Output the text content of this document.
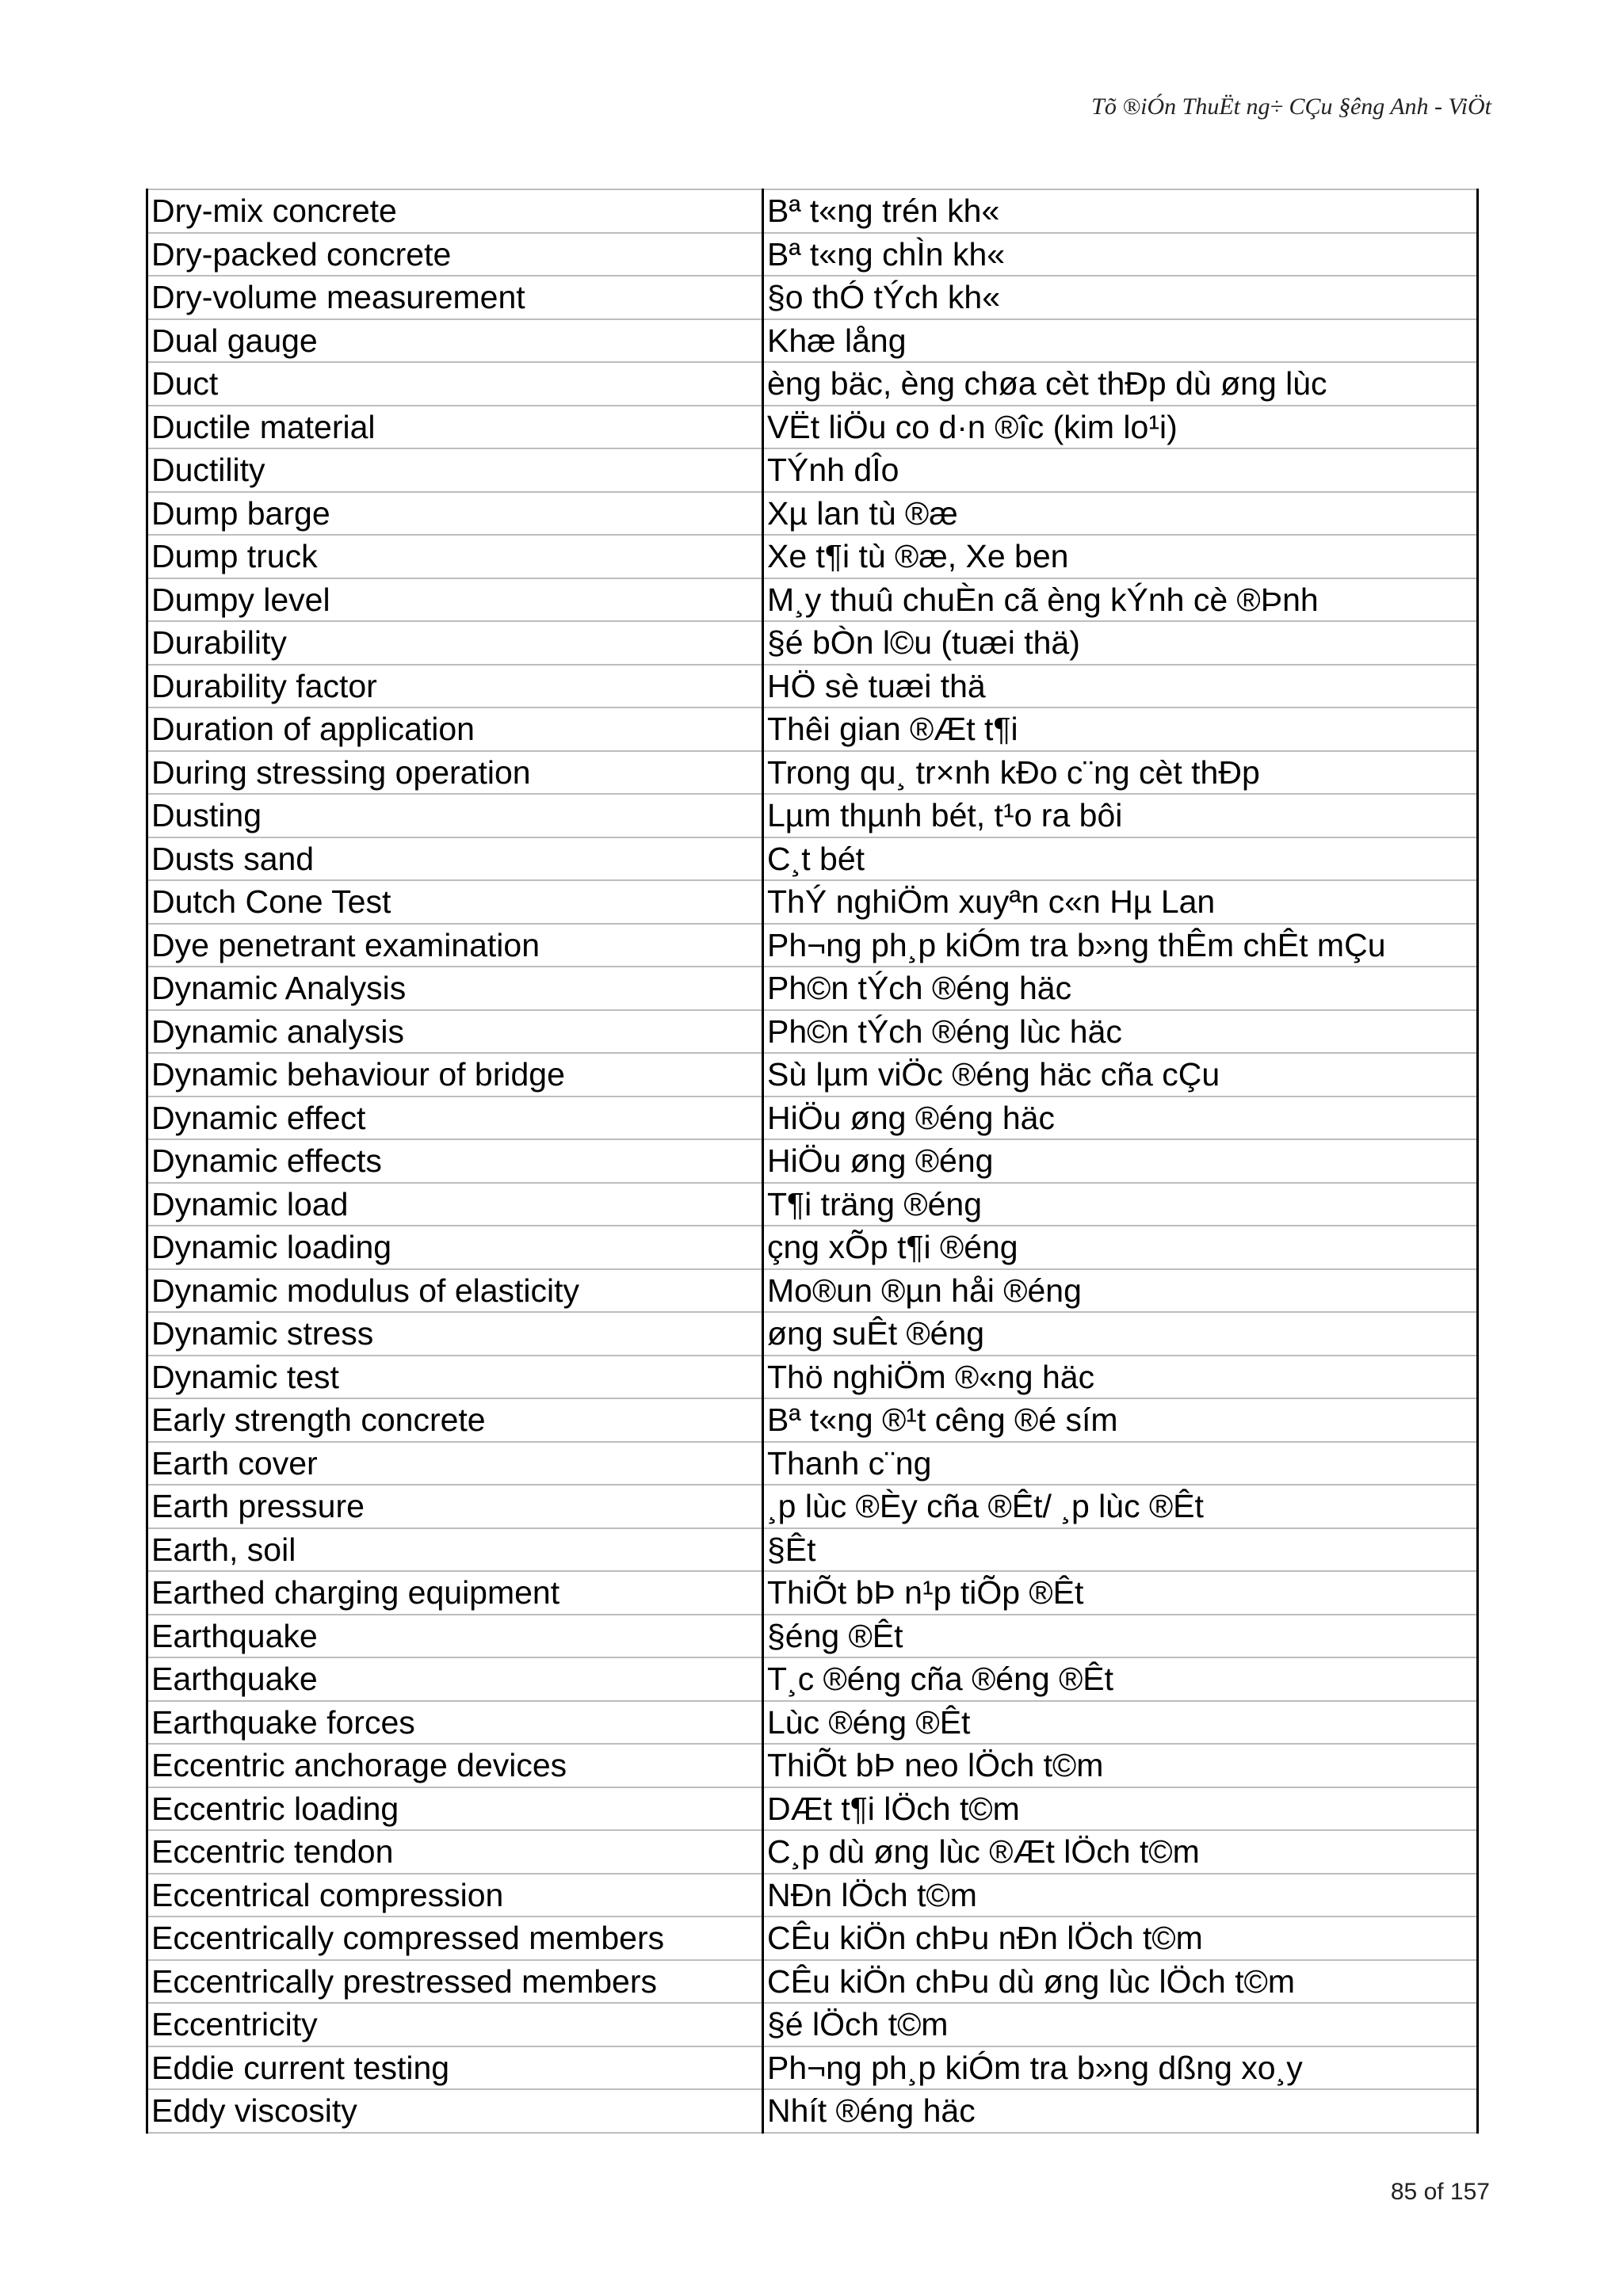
Tõ ®iÓn ThuËt ng÷ CÇu §êng Anh - ViÖt
Dry-mix concrete	Bª t«ng trén kh«
Dry-packed concrete	Bª t«ng chÌn kh«
Dry-volume measurement	§o thÓ tÝch kh«
Dual gauge	Khæ lång
Duct	èng bäc, èng chøa cèt thÐp dù øng lùc
Ductile material	VËt liÖu co d·n ®îc (kim lo¹i)
Ductility	TÝnh dÎo
Dump barge	Xµ lan tù ®æ
Dump truck	Xe t¶i tù ®æ, Xe ben
Dumpy level	M¸y thuû chuÈn cã èng kÝnh cè ®Þnh
Durability	§é bÒn l©u (tuæi thä)
Durability factor	HÖ sè tuæi thä
Duration of application	Thêi gian ®Æt t¶i
During stressing operation	Trong qu¸ tr×nh kÐo c¨ng cèt thÐp
Dusting	Lµm thµnh bét, t¹o ra bôi
Dusts sand	C¸t bét
Dutch Cone Test	ThÝ nghiÖm xuyªn c«n Hµ Lan
Dye penetrant examination	Ph¬ng ph¸p kiÓm tra b»ng thÊm chÊt mÇu
Dynamic Analysis	Ph©n tÝch ®éng häc
Dynamic analysis	Ph©n tÝch ®éng lùc häc
Dynamic behaviour of bridge	Sù lµm viÖc ®éng häc cña cÇu
Dynamic effect	HiÖu øng ®éng häc
Dynamic effects	HiÖu øng ®éng
Dynamic load	T¶i träng ®éng
Dynamic loading	çng xÕp t¶i ®éng
Dynamic modulus of elasticity	Mo®un ®µn håi ®éng
Dynamic stress	øng suÊt ®éng
Dynamic test	Thö nghiÖm ®«ng häc
Early strength concrete	Bª t«ng ®¹t cêng ®é sím
Earth cover	Thanh c¨ng
Earth pressure	¸p lùc ®Èy cña ®Êt/ ¸p lùc ®Êt
Earth, soil	§Êt
Earthed charging equipment	ThiÕt bÞ n¹p tiÕp ®Êt
Earthquake	§éng ®Êt
Earthquake	T¸c ®éng cña ®éng ®Êt
Earthquake forces	Lùc ®éng ®Êt
Eccentric anchorage devices	ThiÕt bÞ neo lÖch t©m
Eccentric loading	DÆt t¶i lÖch t©m
Eccentric tendon	C¸p dù øng lùc ®Æt lÖch t©m
Eccentrical compression	NÐn lÖch t©m
Eccentrically compressed members	CÊu kiÖn chÞu nÐn lÖch t©m
Eccentrically prestressed members	CÊu kiÖn chÞu dù øng lùc lÖch t©m
Eccentricity	§é lÖch t©m
Eddie current testing	Ph¬ng ph¸p kiÓm tra b»ng dßng xo¸y
Eddy viscosity	Nhít ®éng häc
85 of 157
